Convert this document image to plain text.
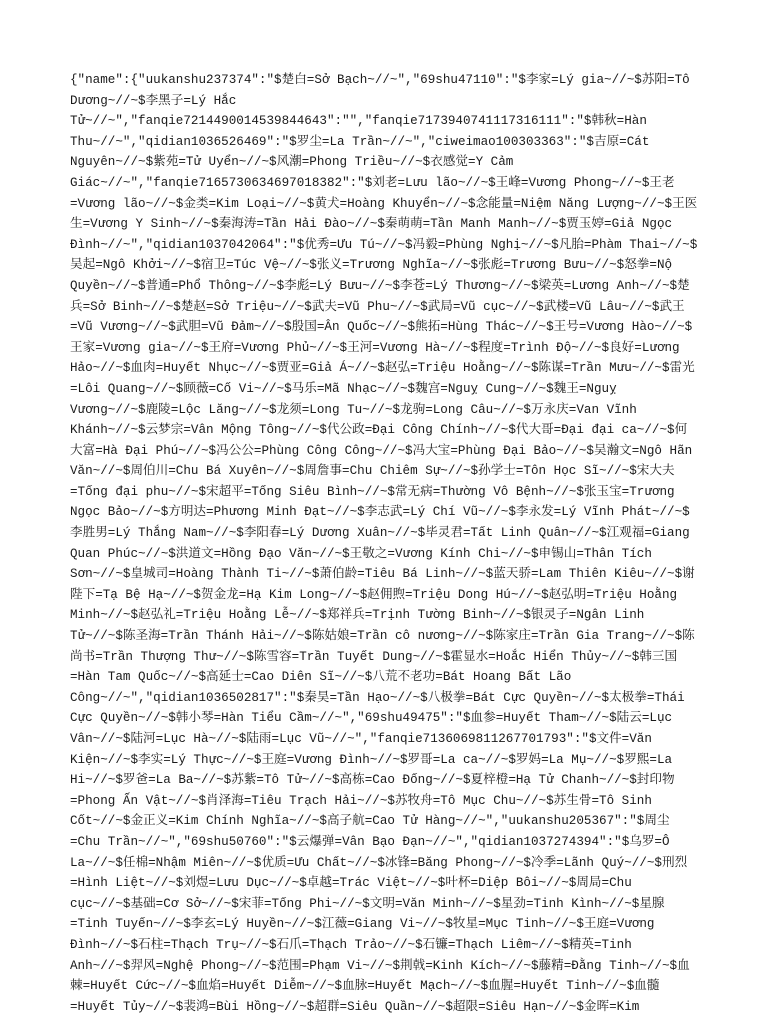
{"name":{"uukanshu237374":"$楚白=Sở Bạch~//~","69shu47110":"$李家=Lý gia~//~$苏阳=Tô
Dương~//~$李黑子=Lý Hắc
Tử~//~","fanqie7214490014539844643":"","fanqie7173940741117316111":"$韩秋=Hàn
Thu~//~","qidian1036526469":"$罗尘=La Trần~//~","ciweimao100303363":"$吉原=Cát
Nguyên~//~$紫苑=Tử Uyển~//~$风潮=Phong Triều~//~$衣感觉=Y Cảm
Giác~//~","fanqie7165730634697018382":"$刘老=Lưu lão~//~$王峰=Vương Phong~//~$王老
=Vương lão~//~$金类=Kim Loại~//~$黄犬=Hoàng Khuyển~//~$念能量=Niệm Năng Lượng~//~$王医
生=Vương Y Sinh~//~$秦海涛=Tần Hải Đào~//~$秦萌萌=Tần Manh Manh~//~$贾玉婷=Giả Ngọc
Đình~//~","qidian1037042064":"$优秀=Ưu Tú~//~$冯毅=Phùng Nghị~//~$凡胎=Phàm Thai~//~$
吴起=Ngô Khởi~//~$宿卫=Túc Vệ~//~$张义=Trương Nghĩa~//~$张彪=Trương Bưu~//~$怒拳=Nộ
Quyền~//~$普通=Phổ Thông~//~$李彪=Lý Bưu~//~$李苍=Lý Thương~//~$梁英=Lương Anh~//~$楚
兵=Sở Binh~//~$楚赵=Sở Triệu~//~$武夫=Vũ Phu~//~$武局=Vũ cục~//~$武楼=Vũ Lâu~//~$武王
=Vũ Vương~//~$武胆=Vũ Đảm~//~$殷国=Ân Quốc~//~$熊拓=Hùng Thác~//~$王号=Vương Hào~//~$
王家=Vương gia~//~$王府=Vương Phủ~//~$王河=Vương Hà~//~$程度=Trình Độ~//~$良好=Lương
Hảo~//~$血肉=Huyết Nhục~//~$贾亚=Giả Á~//~$赵弘=Triệu Hoằng~//~$陈谋=Trần Mưu~//~$雷光
=Lôi Quang~//~$顾薇=Cố Vi~//~$马乐=Mã Nhạc~//~$魏宫=Nguỵ Cung~//~$魏王=Nguỵ
Vương~//~$鹿陵=Lộc Lăng~//~$龙须=Long Tu~//~$龙驹=Long Câu~//~$万永庆=Van Vĩnh
Khánh~//~$云梦宗=Vân Mộng Tông~//~$代公政=Đại Công Chính~//~$代大哥=Đại đại ca~//~$何
大富=Hà Đại Phú~//~$冯公公=Phùng Công Công~//~$冯大宝=Phùng Đại Bảo~//~$吴瀚文=Ngô Hãn
Văn~//~$周伯川=Chu Bá Xuyên~//~$周詹事=Chu Chiêm Sự~//~$孙学士=Tôn Học Sĩ~//~$宋大夫
=Tống đại phu~//~$宋超平=Tống Siêu Bình~//~$常无病=Thường Vô Bệnh~//~$张玉宝=Trương
Ngọc Bảo~//~$方明达=Phương Minh Đạt~//~$李志武=Lý Chí Vũ~//~$李永发=Lý Vĩnh Phát~//~$
李胜男=Lý Thắng Nam~//~$李阳春=Lý Dương Xuân~//~$毕灵君=Tất Linh Quân~//~$江观福=Giang
Quan Phúc~//~$洪道文=Hồng Đạo Văn~//~$王敬之=Vương Kính Chi~//~$申锡山=Thân Tích
Sơn~//~$皇城司=Hoàng Thành Ti~//~$萧伯龄=Tiêu Bá Linh~//~$蓝天骄=Lam Thiên Kiêu~//~$谢
陛下=Tạ Bệ Hạ~//~$贺金龙=Hạ Kim Long~//~$赵佣煦=Triệu Dong Hú~//~$赵弘明=Triệu Hoằng
Minh~//~$赵弘礼=Triệu Hoằng Lễ~//~$郑祥兵=Trịnh Tường Binh~//~$银灵子=Ngân Linh
Tử~//~$陈圣海=Trần Thánh Hải~//~$陈姑娘=Trần cô nương~//~$陈家庄=Trần Gia Trang~//~$陈
尚书=Trần Thượng Thư~//~$陈雪容=Trần Tuyết Dung~//~$霍显水=Hoắc Hiển Thủy~//~$韩三国
=Hàn Tam Quốc~//~$高延士=Cao Diên Sĩ~//~$八荒不老功=Bát Hoang Bất Lão
Công~//~","qidian1036502817":"$秦昊=Tần Hạo~//~$八极拳=Bát Cực Quyền~//~$太极拳=Thái
Cực Quyền~//~$韩小琴=Hàn Tiểu Cầm~//~","69shu49475":"$血参=Huyết Tham~//~$陆云=Lục
Vân~//~$陆河=Lục Hà~//~$陆雨=Lục Vũ~//~","fanqie7136069811267701793":"$文件=Văn
Kiện~//~$李实=Lý Thực~//~$王庭=Vương Đình~//~$罗哥=La ca~//~$罗妈=La Mụ~//~$罗熙=La
Hi~//~$罗爸=La Ba~//~$苏紫=Tô Tử~//~$高栋=Cao Đống~//~$夏梓橙=Hạ Tử Chanh~//~$封印物
=Phong Ấn Vật~//~$肖泽海=Tiêu Trạch Hải~//~$苏牧舟=Tô Mục Chu~//~$苏生骨=Tô Sinh
Cốt~//~$金正义=Kim Chính Nghĩa~//~$高子航=Cao Tử Hàng~//~","uukanshu205367":"$周尘
=Chu Trần~//~","69shu50760":"$云爆弹=Vân Bạo Đạn~//~","qidian1037274394":"$乌罗=Ô
La~//~$任棉=Nhậm Miên~//~$优质=Ưu Chất~//~$冰锋=Băng Phong~//~$冷季=Lãnh Quý~//~$刑烈
=Hình Liệt~//~$刘煜=Lưu Dục~//~$卓越=Trác Việt~//~$叶杯=Diệp Bôi~//~$周局=Chu
cục~//~$基础=Cơ Sở~//~$宋菲=Tống Phi~//~$文明=Văn Minh~//~$星劲=Tinh Kình~//~$星腺
=Tinh Tuyến~//~$李玄=Lý Huyền~//~$江薇=Giang Vi~//~$牧星=Mục Tinh~//~$王庭=Vương
Đình~//~$石柱=Thạch Trụ~//~$石爪=Thạch Trảo~//~$石镰=Thạch Liêm~//~$精英=Tinh
Anh~//~$羿风=Nghệ Phong~//~$范围=Phạm Vi~//~$荆戟=Kinh Kích~//~$藤精=Đằng Tinh~//~$血
棘=Huyết Cức~//~$血焰=Huyết Diễm~//~$血脉=Huyết Mạch~//~$血腥=Huyết Tinh~//~$血髓
=Huyết Tủy~//~$裴鸿=Bùi Hồng~//~$超群=Siêu Quần~//~$超限=Siêu Hạn~//~$金晖=Kim
